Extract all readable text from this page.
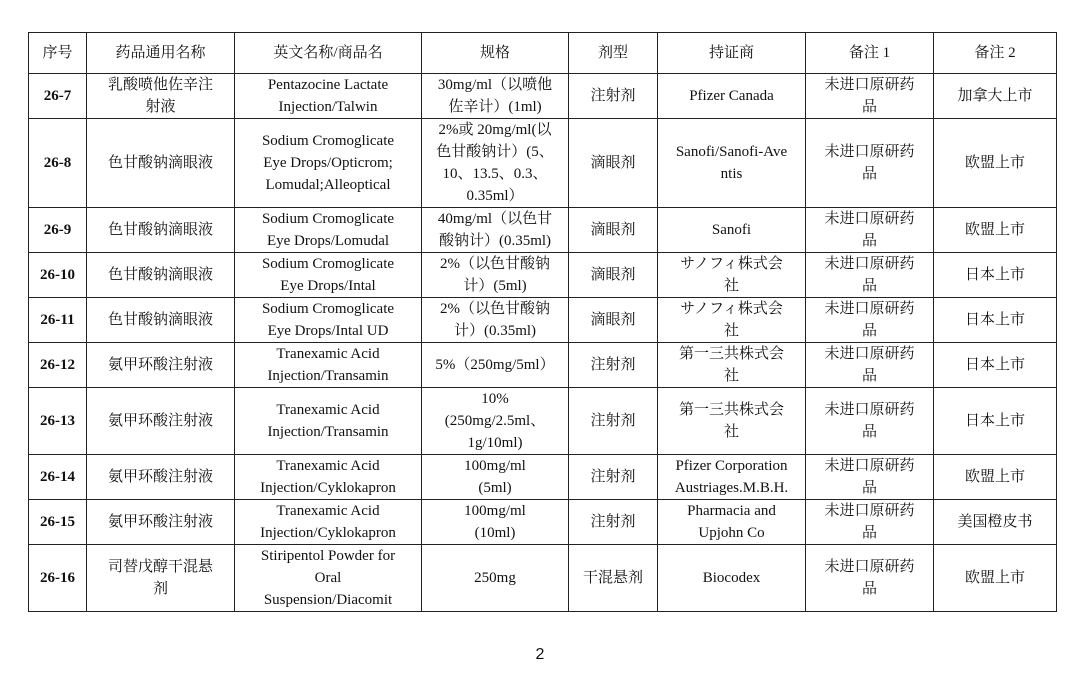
序号	药品通用名称	英文名称/商品名	规格	剂型	持证商	备注 1	备注 2

26-7	乳酸喷他佐辛注
射液	Pentazocine Lactate
Injection/Talwin	30mg/ml（以喷他
佐辛计）(1ml)	注射剂	Pfizer Canada	未进口原研药
品	加拿大上市

26-8	色甘酸钠滴眼液	Sodium Cromoglicate
Eye Drops/Opticrom;
Lomudal;Alleoptical	2%或 20mg/ml(以
色甘酸钠计）(5、
10、13.5、0.3、
0.35ml）	滴眼剂	Sanofi/Sanofi-Ave
ntis	未进口原研药
品	欧盟上市

26-9	色甘酸钠滴眼液	Sodium Cromoglicate
Eye Drops/Lomudal	40mg/ml（以色甘
酸钠计）(0.35ml)	滴眼剂	Sanofi	未进口原研药
品	欧盟上市

26-10	色甘酸钠滴眼液	Sodium Cromoglicate
Eye Drops/Intal	2%（以色甘酸钠
计）(5ml)	滴眼剂	サノフィ株式会
社	未进口原研药
品	日本上市

26-11	色甘酸钠滴眼液	Sodium Cromoglicate
Eye Drops/Intal UD	2%（以色甘酸钠
计）(0.35ml)	滴眼剂	サノフィ株式会
社	未进口原研药
品	日本上市

26-12	氨甲环酸注射液	Tranexamic Acid
Injection/Transamin	5%（250mg/5ml）	注射剂	第一三共株式会
社	未进口原研药
品	日本上市

26-13	氨甲环酸注射液	Tranexamic Acid
Injection/Transamin	10%
(250mg/2.5ml、
1g/10ml)	注射剂	第一三共株式会
社	未进口原研药
品	日本上市

26-14	氨甲环酸注射液	Tranexamic Acid
Injection/Cyklokapron	100mg/ml
(5ml)	注射剂	Pfizer Corporation
Austriages.M.B.H.	未进口原研药
品	欧盟上市

26-15	氨甲环酸注射液	Tranexamic Acid
Injection/Cyklokapron	100mg/ml
(10ml)	注射剂	Pharmacia and
Upjohn Co	未进口原研药
品	美国橙皮书

26-16	司替戊醇干混悬
剂	Stiripentol Powder for
Oral
Suspension/Diacomit	250mg	干混悬剂	Biocodex	未进口原研药
品	欧盟上市
2
